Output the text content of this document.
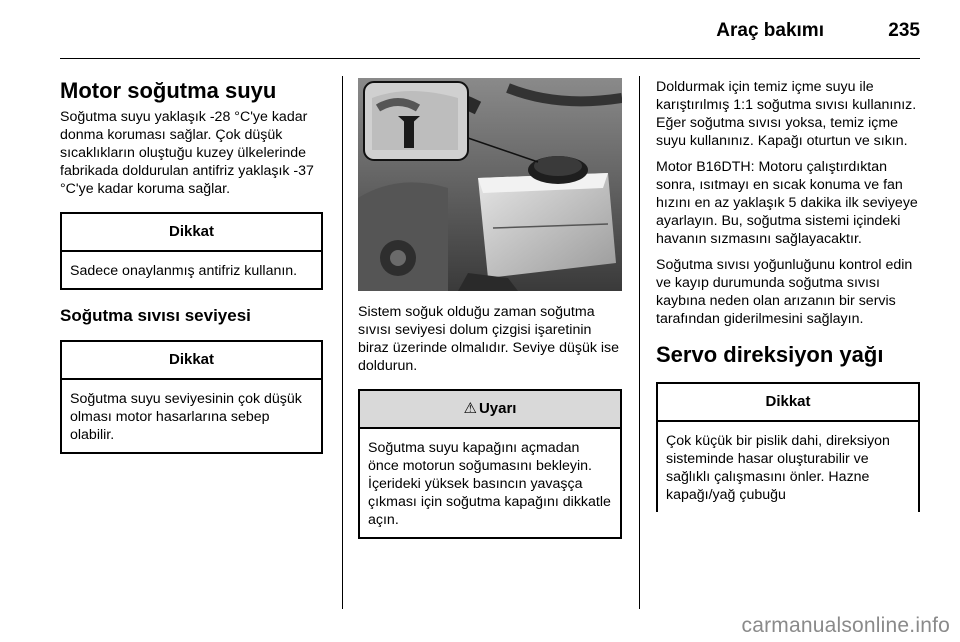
Araç bakımı	235
Motor soğutma suyu

Soğutma suyu yaklaşık -28 °C'ye kadar donma koruması sağlar. Çok düşük sıcaklıkların oluştuğu kuzey ülkelerinde fabrikada doldurulan antifriz yaklaşık -37 °C'ye kadar koruma sağlar.

Dikkat
Sadece onaylanmış antifriz kullanın.
Soğutma sıvısı seviyesi
Dikkat
Soğutma suyu seviyesinin çok düşük olması motor hasarlarına sebep olabilir.

Sistem soğuk olduğu zaman soğutma sıvısı seviyesi dolum çizgisi işaretinin biraz üzerinde olmalıdır. Seviye düşük ise doldurun.

⚠ Uyarı
Soğutma suyu kapağını açmadan önce motorun soğumasını bekleyin. İçerideki yüksek basıncın yavaşça çıkması için soğutma kapağını dikkatle açın.

Doldurmak için temiz içme suyu ile karıştırılmış 1:1 soğutma sıvısı kullanınız. Eğer soğutma sıvısı yoksa, temiz içme suyu kullanınız. Kapağı oturtun ve sıkın.

Motor B16DTH: Motoru çalıştırdıktan sonra, ısıtmayı en sıcak konuma ve fan hızını en az yaklaşık 5 dakika ilk seviyeye ayarlayın. Bu, soğutma sistemi içindeki havanın sızmasını sağlayacaktır.

Soğutma sıvısı yoğunluğunu kontrol edin ve kayıp durumunda soğutma sıvısı kaybına neden olan arızanın bir servis tarafından giderilmesini sağlayın.

Servo direksiyon yağı
Dikkat
Çok küçük bir pislik dahi, direksiyon sisteminde hasar oluşturabilir ve sağlıklı çalışmasını önler. Hazne kapağı/yağ çubuğu
carmanualsonline.info
